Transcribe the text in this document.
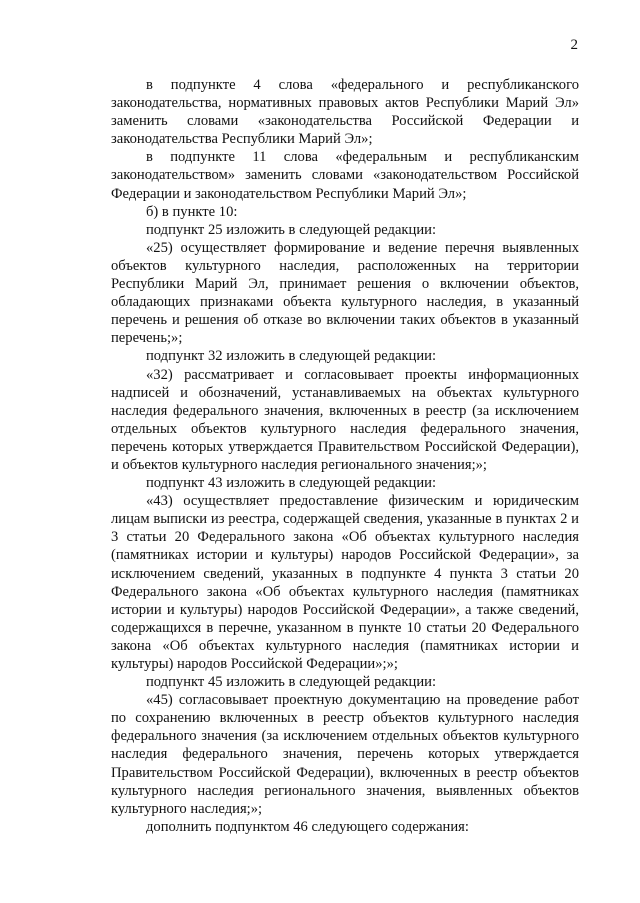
2

в подпункте 4 слова «федерального и республиканского законодательства, нормативных правовых актов Республики Марий Эл» заменить словами «законодательства Российской Федерации и законодательства Республики Марий Эл»;

в подпункте 11 слова «федеральным и республиканским законодательством» заменить словами «законодательством Российской Федерации и законодательством Республики Марий Эл»;

б) в пункте 10:

подпункт 25 изложить в следующей редакции:

«25) осуществляет формирование и ведение перечня выявленных объектов культурного наследия, расположенных на территории Республики Марий Эл, принимает решения о включении объектов, обладающих признаками объекта культурного наследия, в указанный перечень и решения об отказе во включении таких объектов в указанный перечень;»;

подпункт 32 изложить в следующей редакции:

«32) рассматривает и согласовывает проекты информационных надписей и обозначений, устанавливаемых на объектах культурного наследия федерального значения, включенных в реестр (за исключением отдельных объектов культурного наследия федерального значения, перечень которых утверждается Правительством Российской Федерации), и объектов культурного наследия регионального значения;»;

подпункт 43 изложить в следующей редакции:

«43) осуществляет предоставление физическим и юридическим лицам выписки из реестра, содержащей сведения, указанные в пунктах 2 и 3 статьи 20 Федерального закона «Об объектах культурного наследия (памятниках истории и культуры) народов Российской Федерации», за исключением сведений, указанных в подпункте 4 пункта 3 статьи 20 Федерального закона «Об объектах культурного наследия (памятниках истории и культуры) народов Российской Федерации», а также сведений, содержащихся в перечне, указанном в пункте 10 статьи 20 Федерального закона «Об объектах культурного наследия (памятниках истории и культуры) народов Российской Федерации»;»;

подпункт 45 изложить в следующей редакции:

«45) согласовывает проектную документацию на проведение работ по сохранению включенных в реестр объектов культурного наследия федерального значения (за исключением отдельных объектов культурного наследия федерального значения, перечень которых утверждается Правительством Российской Федерации), включенных в реестр объектов культурного наследия регионального значения, выявленных объектов культурного наследия;»;

дополнить подпунктом 46 следующего содержания:
